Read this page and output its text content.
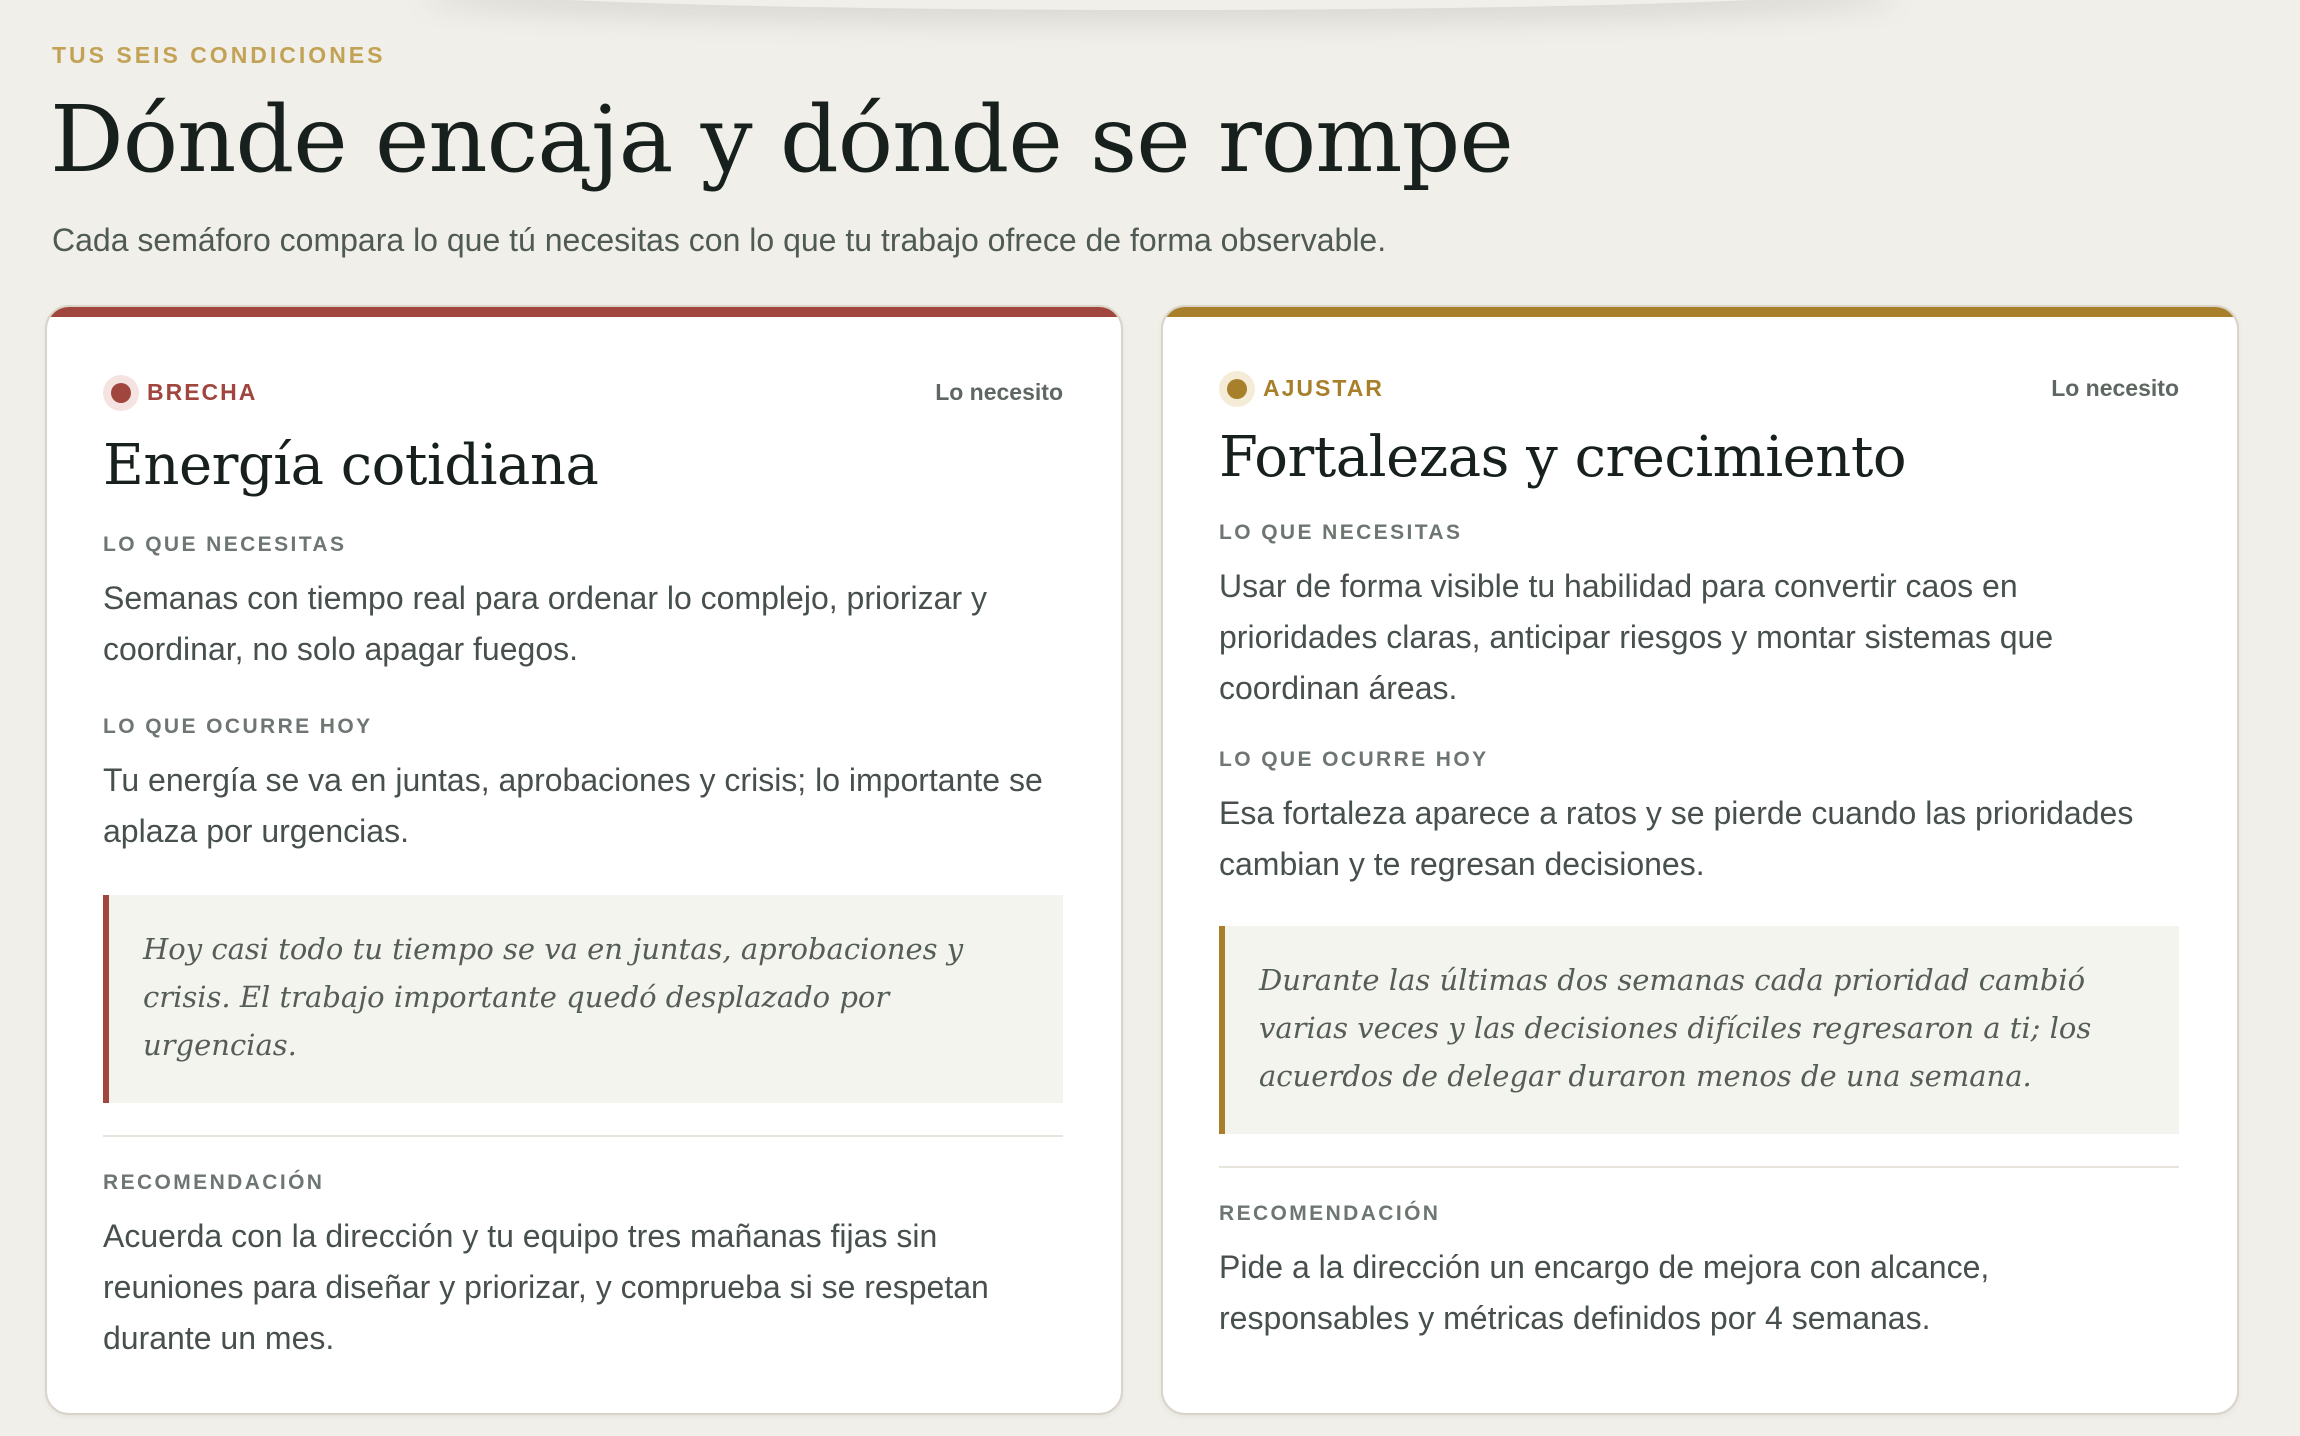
TUS SEIS CONDICIONES
Dónde encaja y dónde se rompe
Cada semáforo compara lo que tú necesitas con lo que tu trabajo ofrece de forma observable.
BRECHA	Lo necesito
Energía cotidiana
LO QUE NECESITAS
Semanas con tiempo real para ordenar lo complejo, priorizar y coordinar, no solo apagar fuegos.
LO QUE OCURRE HOY
Tu energía se va en juntas, aprobaciones y crisis; lo importante se aplaza por urgencias.
Hoy casi todo tu tiempo se va en juntas, aprobaciones y crisis. El trabajo importante quedó desplazado por urgencias.
RECOMENDACIÓN
Acuerda con la dirección y tu equipo tres mañanas fijas sin reuniones para diseñar y priorizar, y comprueba si se respetan durante un mes.
AJUSTAR	Lo necesito
Fortalezas y crecimiento
LO QUE NECESITAS
Usar de forma visible tu habilidad para convertir caos en prioridades claras, anticipar riesgos y montar sistemas que coordinan áreas.
LO QUE OCURRE HOY
Esa fortaleza aparece a ratos y se pierde cuando las prioridades cambian y te regresan decisiones.
Durante las últimas dos semanas cada prioridad cambió varias veces y las decisiones difíciles regresaron a ti; los acuerdos de delegar duraron menos de una semana.
RECOMENDACIÓN
Pide a la dirección un encargo de mejora con alcance, responsables y métricas definidos por 4 semanas.
